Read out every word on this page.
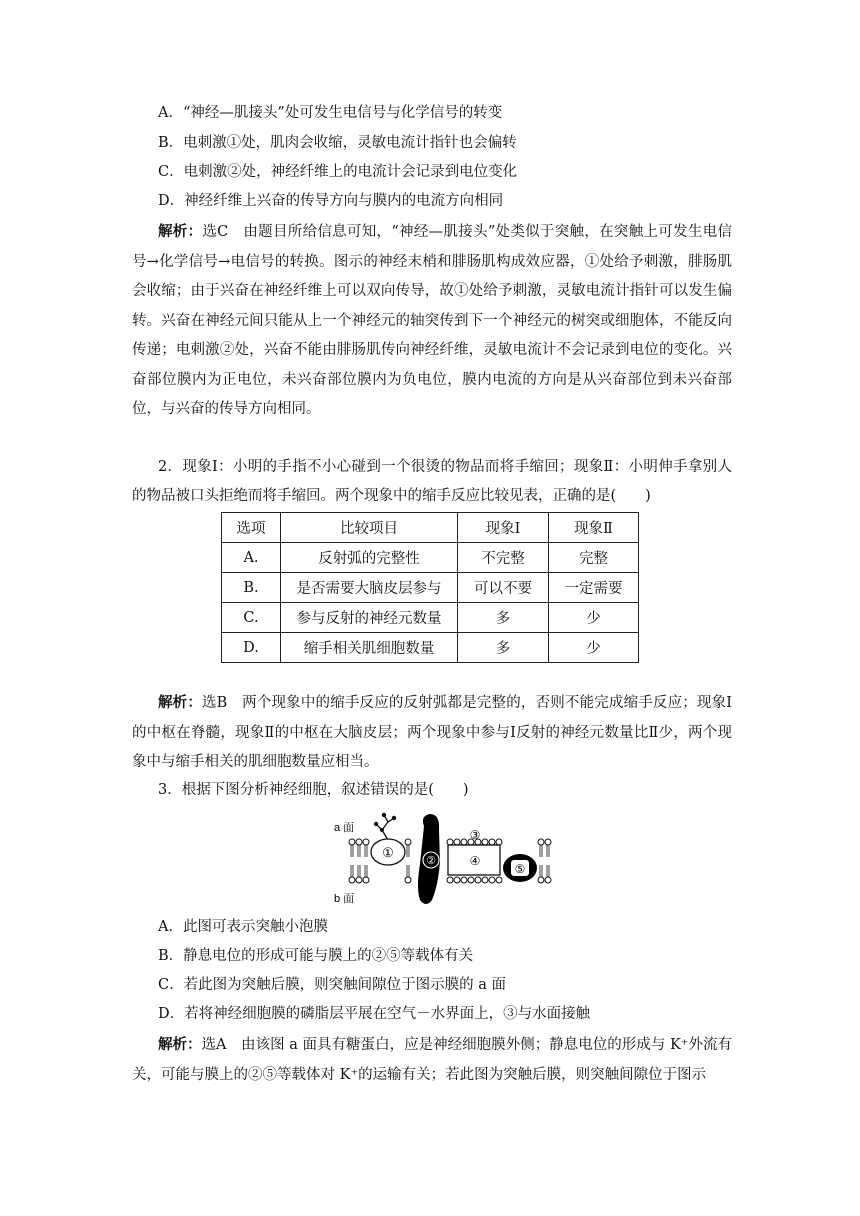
A．“神经—肌接头”处可发生电信号与化学信号的转变
B．电刺激①处，肌肉会收缩，灵敏电流计指针也会偏转
C．电刺激②处，神经纤维上的电流计会记录到电位变化
D．神经纤维上兴奋的传导方向与膜内的电流方向相同
解析：选C　由题目所给信息可知，“神经—肌接头”处类似于突触，在突触上可发生电信号→化学信号→电信号的转换。图示的神经末梢和腓肠肌构成效应器，①处给予刺激，腓肠肌会收缩；由于兴奋在神经纤维上可以双向传导，故①处给予刺激，灵敏电流计指针可以发生偏转。兴奋在神经元间只能从上一个神经元的轴突传到下一个神经元的树突或细胞体，不能反向传递；电刺激②处，兴奋不能由腓肠肌传向神经纤维，灵敏电流计不会记录到电位的变化。兴奋部位膜内为正电位，未兴奋部位膜内为负电位，膜内电流的方向是从兴奋部位到未兴奋部位，与兴奋的传导方向相同。
2．现象Ⅰ：小明的手指不小心碰到一个很烫的物品而将手缩回；现象Ⅱ：小明伸手拿别人的物品被口头拒绝而将手缩回。两个现象中的缩手反应比较见表，正确的是(　　)
选项	比较项目	现象Ⅰ	现象Ⅱ
A.	反射弧的完整性	不完整	完整
B.	是否需要大脑皮层参与	可以不要	一定需要
C.	参与反射的神经元数量	多	少
D.	缩手相关肌细胞数量	多	少
解析：选B　两个现象中的缩手反应的反射弧都是完整的，否则不能完成缩手反应；现象Ⅰ的中枢在脊髓，现象Ⅱ的中枢在大脑皮层；两个现象中参与Ⅰ反射的神经元数量比Ⅱ少，两个现象中与缩手相关的肌细胞数量应相当。
3．根据下图分析神经细胞，叙述错误的是(　　)
a 面
b 面
①	②
③
④
⑤
A．此图可表示突触小泡膜
B．静息电位的形成可能与膜上的②⑤等载体有关
C．若此图为突触后膜，则突触间隙位于图示膜的 a 面
D．若将神经细胞膜的磷脂层平展在空气－水界面上，③与水面接触
解析：选A　由该图 a 面具有糖蛋白，应是神经细胞膜外侧；静息电位的形成与 K⁺外流有关，可能与膜上的②⑤等载体对 K⁺的运输有关；若此图为突触后膜，则突触间隙位于图示
